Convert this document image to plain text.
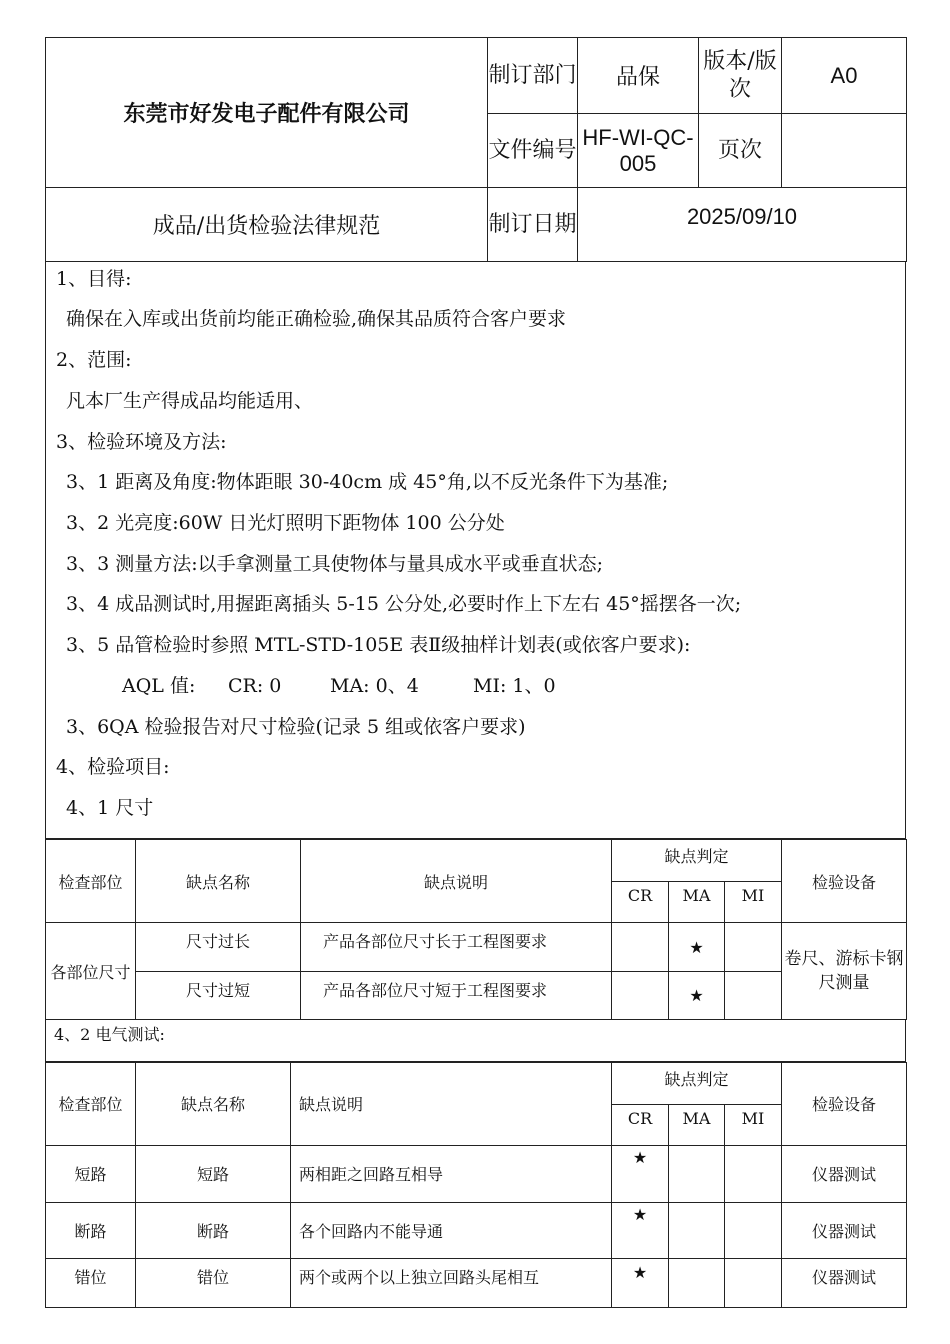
东莞市好发电子配件有限公司	制订部门	品保	版本/版次	A0
	文件编号	HF-WI-QC-005	页次	
成品/出货检验法律规范	制订日期	2025/09/10		
1、目得:
确保在入库或出货前均能正确检验,确保其品质符合客户要求
2、范围:
凡本厂生产得成品均能适用、
3、检验环境及方法:
3、1 距离及角度:物体距眼 30-40cm 成 45°角,以不反光条件下为基准;
3、2 光亮度:60W 日光灯照明下距物体 100 公分处
3、3 测量方法:以手拿测量工具使物体与量具成水平或垂直状态;
3、4 成品测试时,用握距离插头 5-15 公分处,必要时作上下左右 45°摇摆各一次;
3、5 品管检验时参照 MTL-STD-105E 表Ⅱ级抽样计划表(或依客户要求):
AQL 值: CR: 0	MA: 0、4	MI: 1、0
3、6QA 检验报告对尺寸检验(记录 5 组或依客户要求)
4、检验项目:
4、1 尺寸
检查部位	缺点名称	缺点说明	缺点判定			检验设备
			CR	MA	MI	
各部位尺寸	尺寸过长	产品各部位尺寸长于工程图要求		★		卷尺、游标卡钢尺测量
	尺寸过短	产品各部位尺寸短于工程图要求		★		
4、2 电气测试:
检查部位	缺点名称	缺点说明	缺点判定			检验设备
			CR	MA	MI	
短路	短路	两相距之回路互相导	★			仪器测试
断路	断路	各个回路内不能导通	★			仪器测试
错位	错位	两个或两个以上独立回路头尾相互	★			仪器测试
